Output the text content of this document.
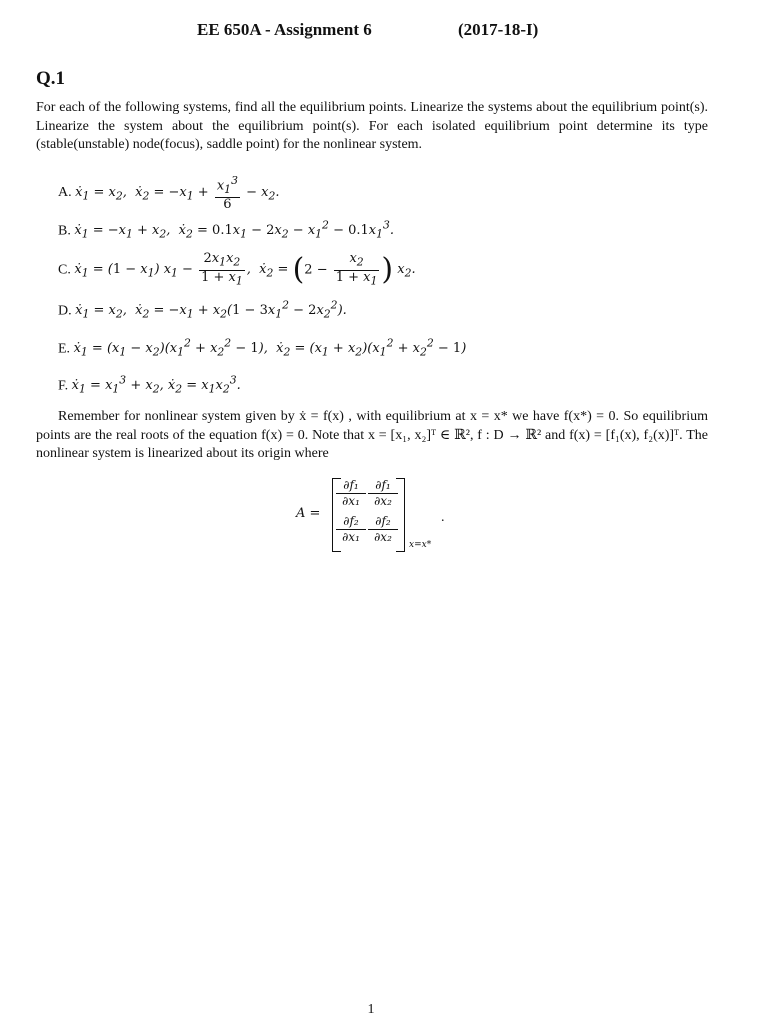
EE 650A - Assignment 6	(2017-18-I)
Q.1
For each of the following systems, find all the equilibrium points. Linearize the systems about the equilibrium point(s). Linearize the system about the equilibrium point(s). For each isolated equilibrium point determine its type (stable(unstable) node(focus), saddle point) for the nonlinear system.
A. ẋ$_1$ = $x_2$,  ẋ$_2$ = $-x_1 + \frac{x_1^3}{6} - x_2$.
B. ẋ$_1$ = $-x_1 + x_2$,  ẋ$_2$ = $0.1x_1 - 2x_2 - x_1^2 - 0.1x_1^3$.
C. ẋ$_1$ = $(1 - x_1)$ $x_1 - \frac{2x_1x_2}{1 + x_1}$ ,  ẋ$_2$ = ($2 - \frac{x_2}{1 + x_1}$ ) $x_2$.
D. ẋ$_1$ = $x_2$,  ẋ$_2$ = $-x_1 + x_2(1 - 3x_1^2 - 2x_2^2)$.
E. ẋ$_1$ = $(x_1 - x_2)(x_1^2 + x_2^2 - 1)$,  ẋ$_2$ = $(x_1 + x_2)(x_1^2 + x_2^2 - 1)$
F. ẋ$_1$ = $x_1^3 + x_2$, ẋ$_2$ = $x_1x_2^3$.
Remember for nonlinear system given by ẋ = f(x) , with equilibrium at x = x* we have f(x*) = 0. So equilibrium points are the real roots of the equation f(x) = 0. Note that x = [x₁, x₂]ᵀ ∈ ℝ², f : D → ℝ² and f(x) = [f₁(x), f₂(x)]ᵀ. The nonlinear system is linearized about its origin where
A =
∂f₁
∂x₁
∂f₁
∂x₂
∂f₂
∂x₁
∂f₂
∂x₂
x=x*
.
1
